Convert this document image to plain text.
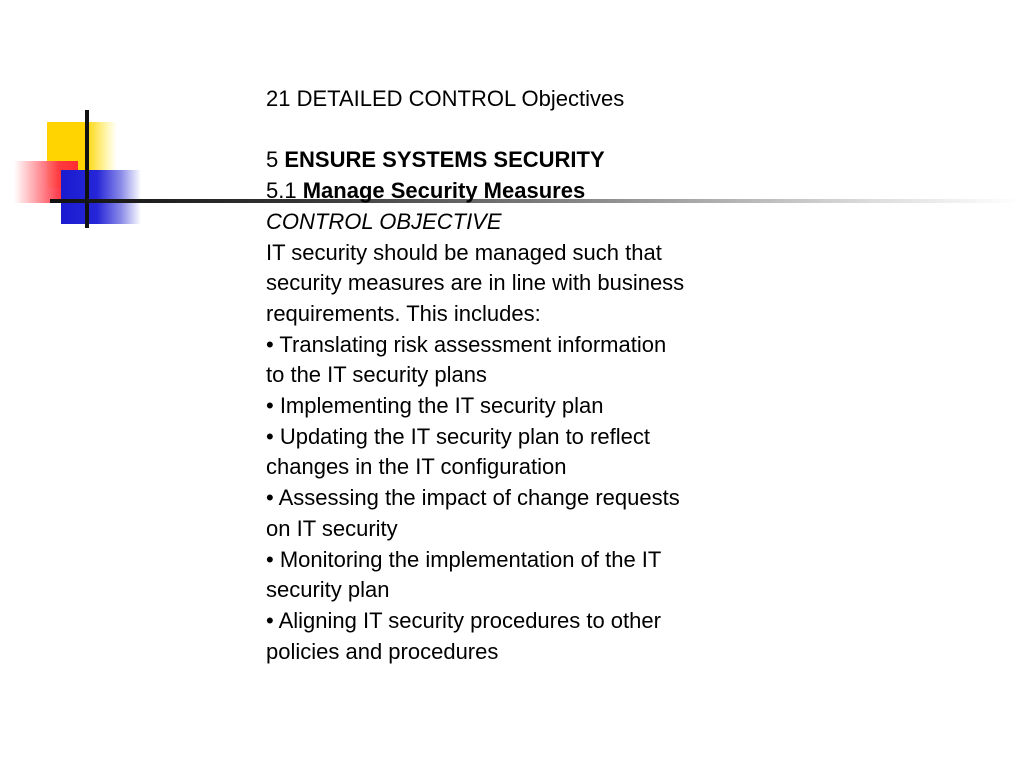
21 DETAILED CONTROL Objectives

5 ENSURE SYSTEMS SECURITY

5.1 Manage Security Measures

CONTROL OBJECTIVE

IT security should be managed such that

security measures are in line with business

requirements. This includes:

• Translating risk assessment information

to the IT security plans

• Implementing the IT security plan

• Updating the IT security plan to reflect

changes in the IT configuration

• Assessing the impact of change requests

on IT security

• Monitoring the implementation of the IT

security plan

• Aligning IT security procedures to other

policies and procedures
